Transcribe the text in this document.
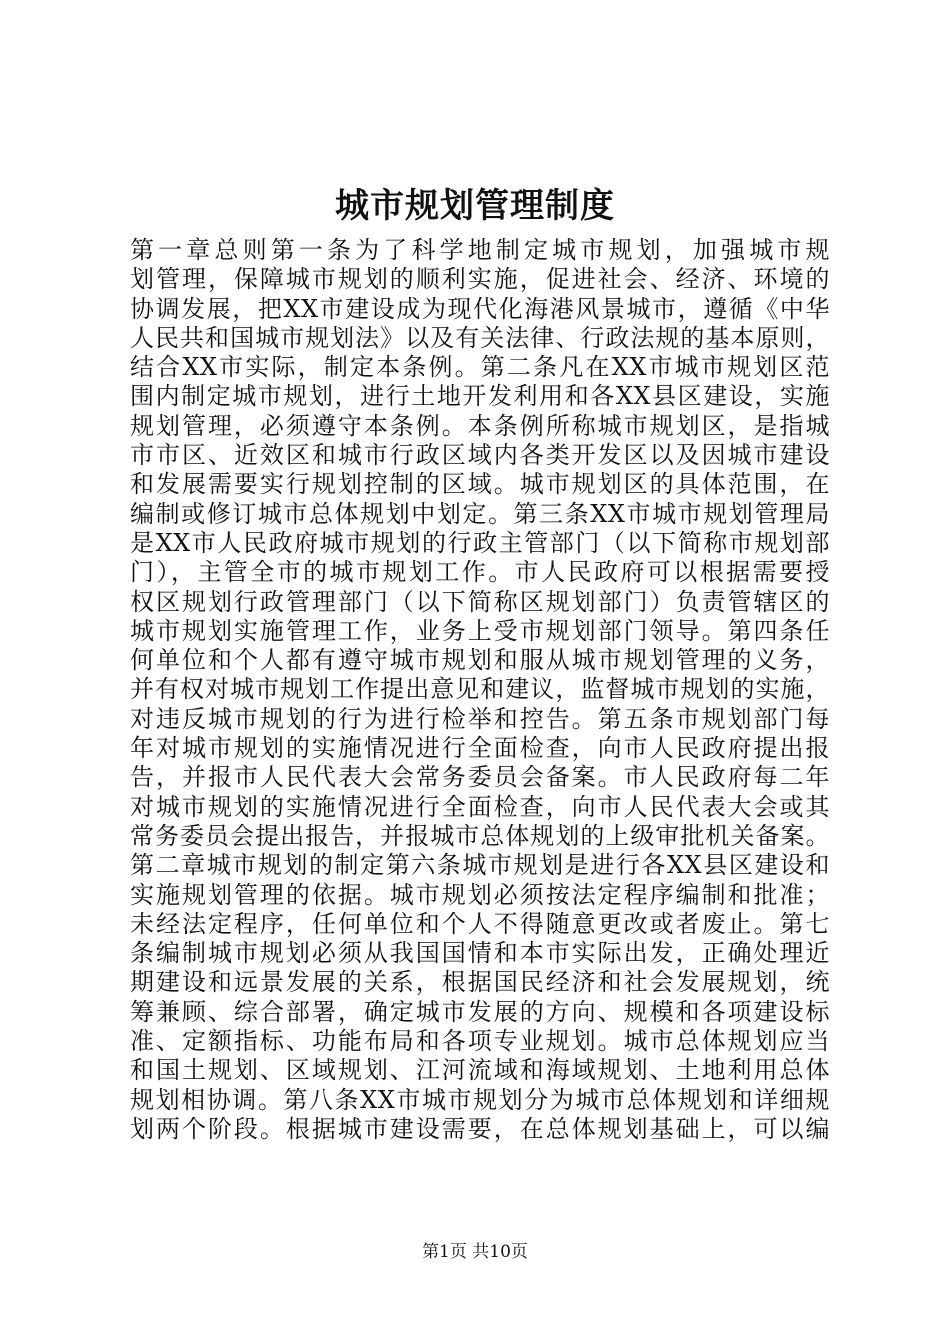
城市规划管理制度
第一章总则第一条为了科学地制定城市规划，加强城市规
划管理，保障城市规划的顺利实施，促进社会、经济、环境的
协调发展，把XX市建设成为现代化海港风景城市，遵循《中华
人民共和国城市规划法》以及有关法律、行政法规的基本原则，
结合XX市实际，制定本条例。第二条凡在XX市城市规划区范
围内制定城市规划，进行土地开发利用和各XX县区建设，实施
规划管理，必须遵守本条例。本条例所称城市规划区，是指城
市市区、近效区和城市行政区域内各类开发区以及因城市建设
和发展需要实行规划控制的区域。城市规划区的具体范围，在
编制或修订城市总体规划中划定。第三条XX市城市规划管理局
是XX市人民政府城市规划的行政主管部门（以下简称市规划部
门），主管全市的城市规划工作。市人民政府可以根据需要授
权区规划行政管理部门（以下简称区规划部门）负责管辖区的
城市规划实施管理工作，业务上受市规划部门领导。第四条任
何单位和个人都有遵守城市规划和服从城市规划管理的义务，
并有权对城市规划工作提出意见和建议，监督城市规划的实施，
对违反城市规划的行为进行检举和控告。第五条市规划部门每
年对城市规划的实施情况进行全面检查，向市人民政府提出报
告，并报市人民代表大会常务委员会备案。市人民政府每二年
对城市规划的实施情况进行全面检查，向市人民代表大会或其
常务委员会提出报告，并报城市总体规划的上级审批机关备案。
第二章城市规划的制定第六条城市规划是进行各XX县区建设和
实施规划管理的依据。城市规划必须按法定程序编制和批准；
未经法定程序，任何单位和个人不得随意更改或者废止。第七
条编制城市规划必须从我国国情和本市实际出发，正确处理近
期建设和远景发展的关系，根据国民经济和社会发展规划，统
筹兼顾、综合部署，确定城市发展的方向、规模和各项建设标
准、定额指标、功能布局和各项专业规划。城市总体规划应当
和国土规划、区域规划、江河流域和海域规划、土地利用总体
规划相协调。第八条XX市城市规划分为城市总体规划和详细规
划两个阶段。根据城市建设需要，在总体规划基础上，可以编
第1页 共10页
